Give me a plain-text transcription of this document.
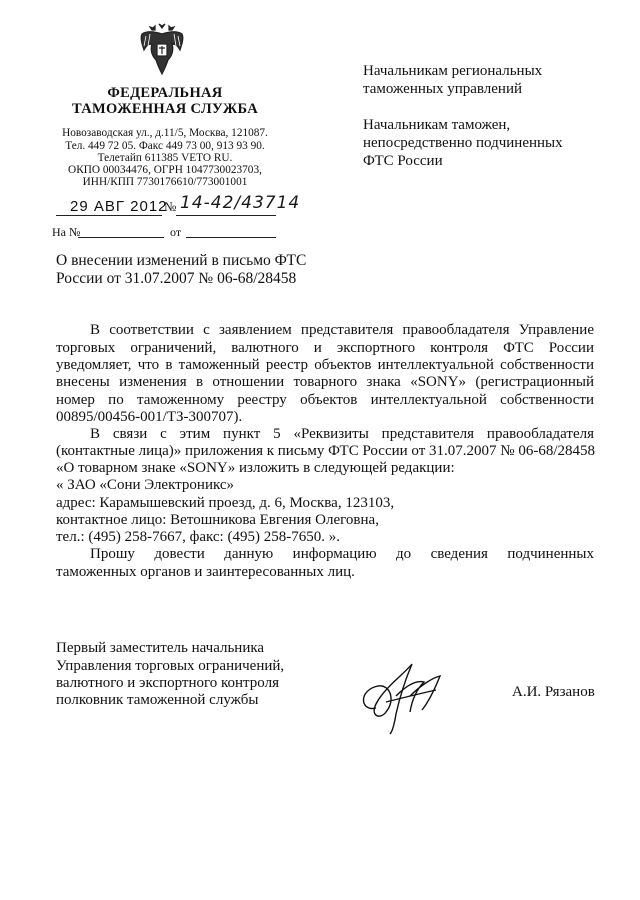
ФЕДЕРАЛЬНАЯ
ТАМОЖЕННАЯ СЛУЖБА
Новозаводская ул., д.11/5, Москва, 121087.
Тел. 449 72 05. Факс 449 73 00, 913 93 90.
Телетайп 611385 VETO RU.
ОКПО 00034476, ОГРН 1047730023703,
ИНН/КПП 7730176610/773001001
29 АВГ 2012
№ 14-42/43714
На №	от
Начальникам региональных
таможенных управлений
Начальникам таможен,
непосредственно подчиненных
ФТС России
О внесении изменений в письмо ФТС
России от 31.07.2007 № 06-68/28458
В соответствии с заявлением представителя правообладателя Управление
торговых ограничений, валютного и экспортного контроля ФТС России
уведомляет, что в таможенный реестр объектов интеллектуальной собственности
внесены изменения в отношении товарного знака «SONY» (регистрационный
номер по таможенному реестру объектов интеллектуальной собственности
00895/00456-001/ТЗ-300707).
В связи с этим пункт 5 «Реквизиты представителя правообладателя
(контактные лица)» приложения к письму ФТС России от 31.07.2007 № 06-68/28458
«О товарном знаке «SONY» изложить в следующей редакции:
« ЗАО «Сони Электроникс»
адрес: Карамышевский проезд, д. 6, Москва, 123103,
контактное лицо: Ветошникова Евгения Олеговна,
тел.: (495) 258-7667, факс: (495) 258-7650. ».
Прошу довести данную информацию до сведения подчиненных
таможенных органов и заинтересованных лиц.
Первый заместитель начальника
Управления торговых ограничений,
валютного и экспортного контроля
полковник таможенной службы	А.И. Рязанов
